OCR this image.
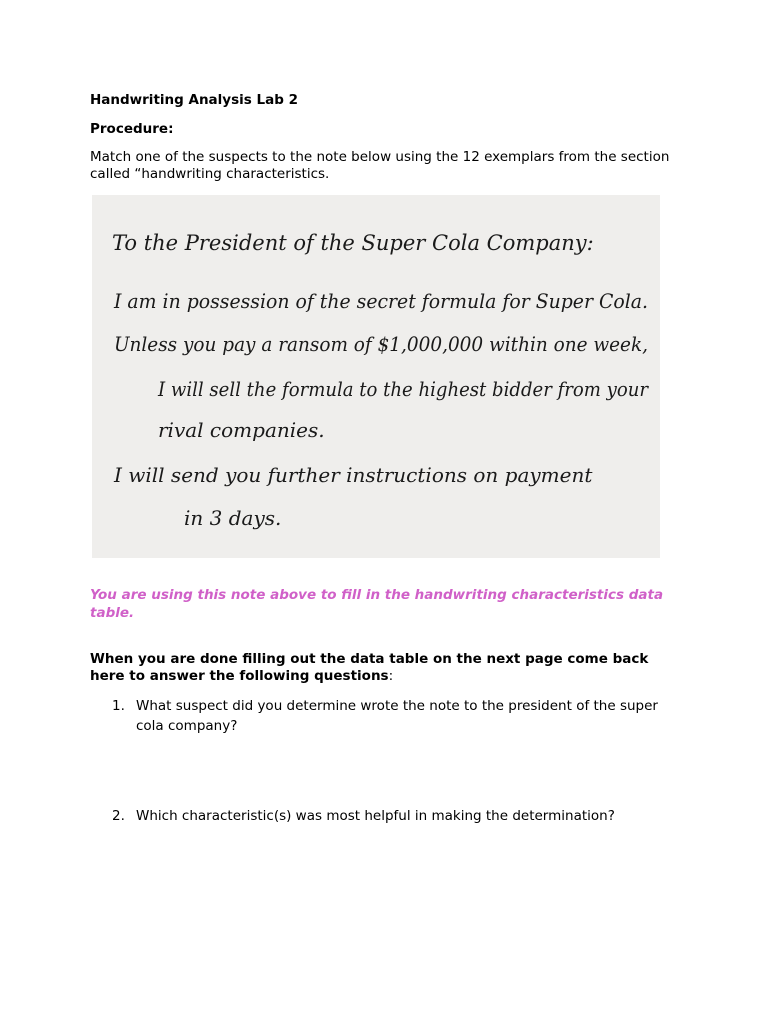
Handwriting Analysis Lab 2

Procedure:

Match one of the suspects to the note below using the 12 exemplars from the section called “handwriting characteristics.

To the President of the Super Cola Company:
I am in possession of the secret formula for Super Cola.
Unless you pay a ransom of $1,000,000 within one week,
I will sell the formula to the highest bidder from your
rival companies.
I will send you further instructions on payment
in 3 days.

You are using this note above to fill in the handwriting characteristics data table.

When you are done filling out the data table on the next page come back here to answer the following questions:

1. What suspect did you determine wrote the note to the president of the super cola company?
2. Which characteristic(s) was most helpful in making the determination?
